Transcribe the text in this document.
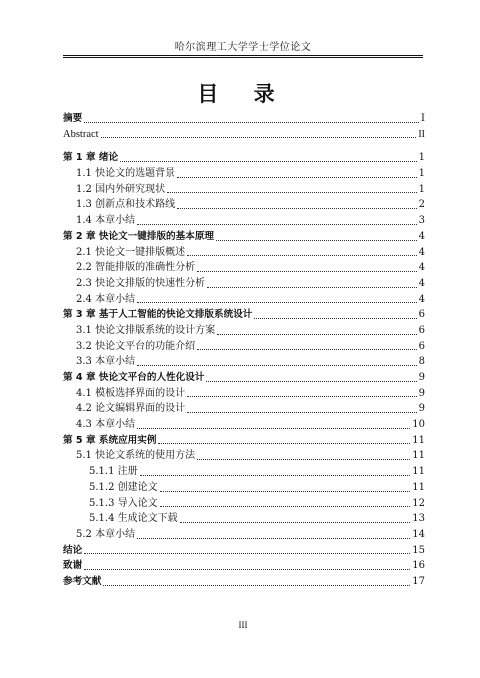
哈尔滨理工大学学士学位论文
目 录
摘要	I
Abstract	II
第 1 章 绪论	1
1.1 快论文的选题背景	1
1.2 国内外研究现状	1
1.3 创新点和技术路线	2
1.4 本章小结	3
第 2 章 快论文一键排版的基本原理	4
2.1 快论文一键排版概述	4
2.2 智能排版的准确性分析	4
2.3 快论文排版的快速性分析	4
2.4 本章小结	4
第 3 章 基于人工智能的快论文排版系统设计	6
3.1 快论文排版系统的设计方案	6
3.2 快论文平台的功能介绍	6
3.3 本章小结	8
第 4 章 快论文平台的人性化设计	9
4.1 模板选择界面的设计	9
4.2 论文编辑界面的设计	9
4.3 本章小结	10
第 5 章 系统应用实例	11
5.1 快论文系统的使用方法	11
5.1.1 注册	11
5.1.2 创建论文	11
5.1.3 导入论文	12
5.1.4 生成论文下载	13
5.2 本章小结	14
结论	15
致谢	16
参考文献	17
III
